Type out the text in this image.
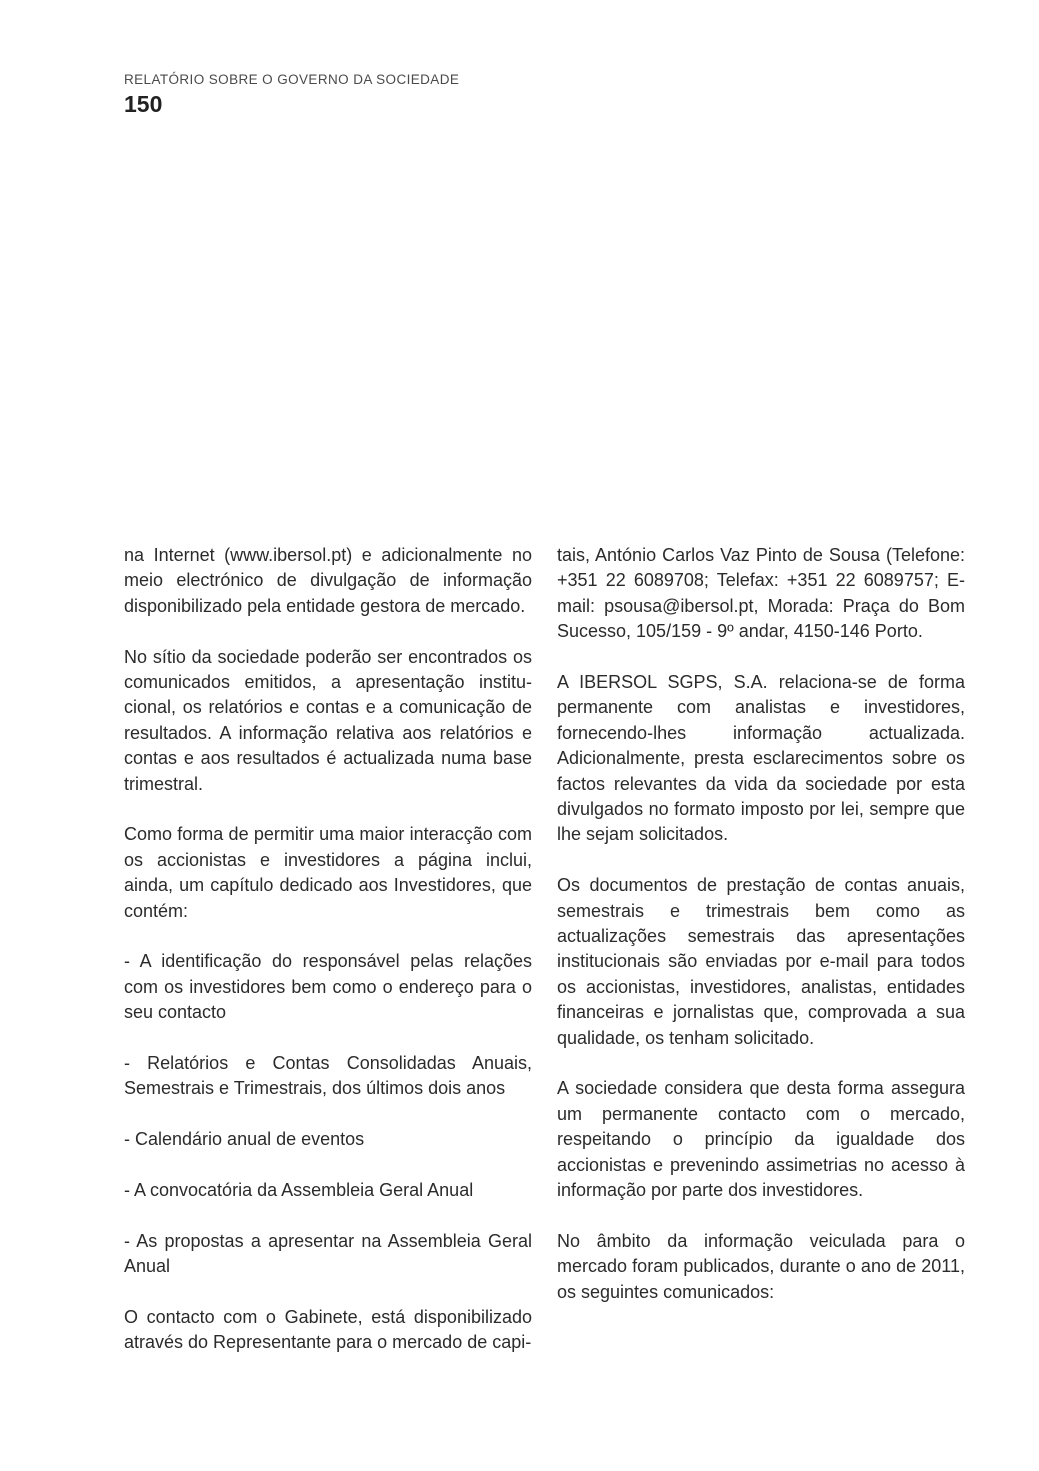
RELATÓRIO SOBRE O GOVERNO DA SOCIEDADE
150

na Internet (www.ibersol.pt) e adicionalmente no meio electrónico de divulgação de informação disponibilizado pela entidade gestora de mercado.

No sítio da sociedade poderão ser encontrados os comunicados emitidos, a apresentação institu-cional, os relatórios e contas e a comunicação de resultados. A informação relativa aos relatórios e contas e aos resultados é actualizada numa base trimestral.

Como forma de permitir uma maior interacção com os accionistas e investidores a página inclui, ainda, um capítulo dedicado aos Investidores, que contém:

- A identificação do responsável pelas relações com os investidores bem como o endereço para o seu contacto

- Relatórios e Contas Consolidadas Anuais, Semestrais e Trimestrais, dos últimos dois anos

- Calendário anual de eventos

- A convocatória da Assembleia Geral Anual

- As propostas a apresentar na Assembleia Geral Anual

O contacto com o Gabinete, está disponibilizado através do Representante para o mercado de capi-

tais, António Carlos Vaz Pinto de Sousa (Telefone: +351 22 6089708; Telefax: +351 22 6089757; E-mail: psousa@ibersol.pt, Morada: Praça do Bom Sucesso, 105/159 - 9º andar, 4150-146 Porto.

A IBERSOL SGPS, S.A. relaciona-se de forma permanente com analistas e investidores, fornecendo-lhes informação actualizada. Adicionalmente, presta esclarecimentos sobre os factos relevantes da vida da sociedade por esta divulgados no formato imposto por lei, sempre que lhe sejam solicitados.

Os documentos de prestação de contas anuais, semestrais e trimestrais bem como as actualizações semestrais das apresentações institucionais são enviadas por e-mail para todos os accionistas, investidores, analistas, entidades financeiras e jornalistas que, comprovada a sua qualidade, os tenham solicitado.

A sociedade considera que desta forma assegura um permanente contacto com o mercado, respeitando o princípio da igualdade dos accionistas e prevenindo assimetrias no acesso à informação por parte dos investidores.

No âmbito da informação veiculada para o mercado foram publicados, durante o ano de 2011, os seguintes comunicados:
